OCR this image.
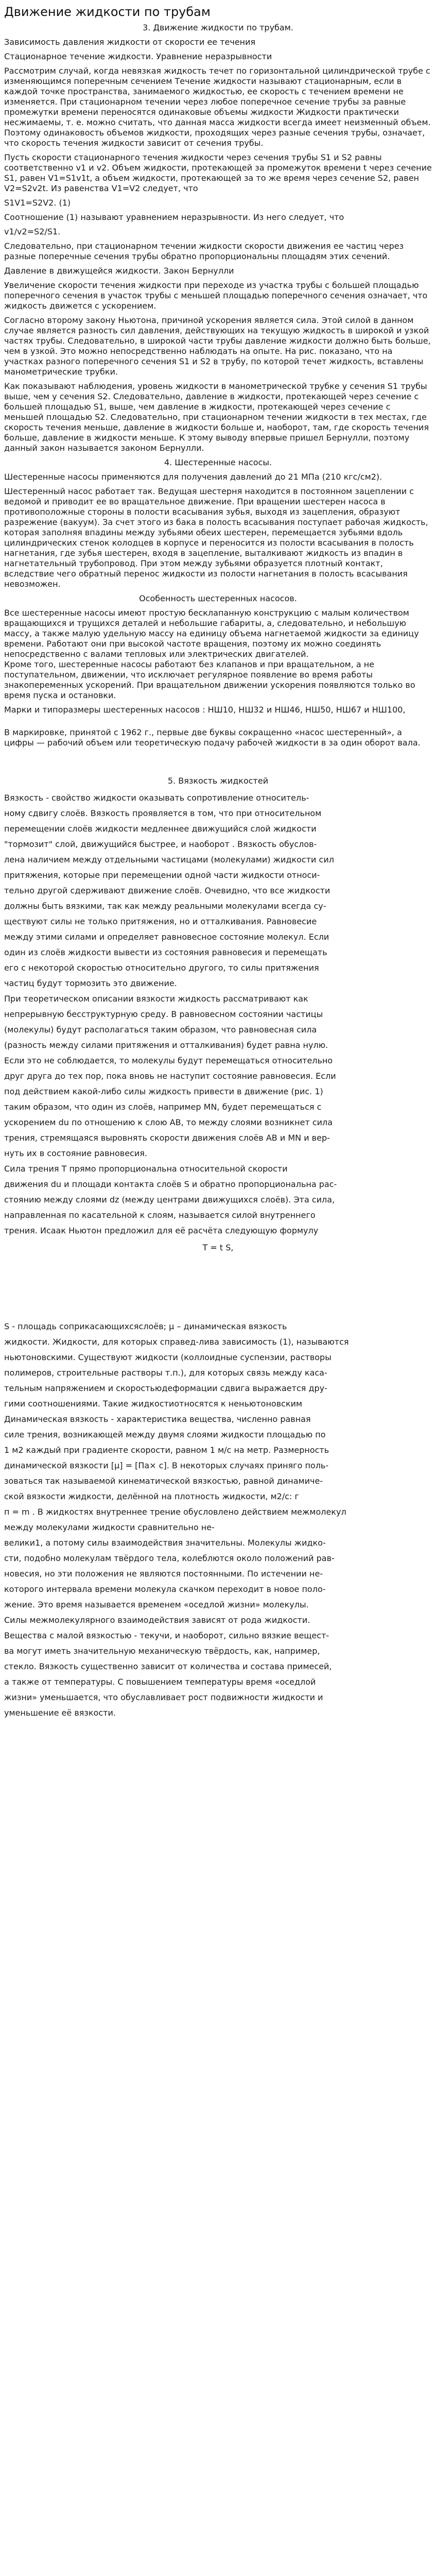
Движение жидкости по трубам

3. Движение жидкости по трубам.

Зависимость давления жидкости от скорости ее течения

Стационарное течение жидкости. Уравнение неразрывности

Рассмотрим случай, когда невязкая жидкость течет по горизонтальной цилиндрической трубе с изменяющимся поперечным сечением Течение жидкости называют стационарным, если в каждой точке пространства, занимаемого жидкостью, ее скорость с течением времени не изменяется. При стационарном течении через любое поперечное сечение трубы за равные промежутки времени переносятся одинаковые объемы жидкости Жидкости практически несжимаемы, т. е. можно считать, что данная масса жидкости всегда имеет неизменный объем. Поэтому одинаковость объемов жидкости, проходящих через разные сечения трубы, означает, что скорость течения жидкости зависит от сечения трубы.

Пусть скорости стационарного течения жидкости через сечения трубы S1 и S2 равны соответственно v1 и v2. Объем жидкости, протекающей за промежуток времени t через сечение S1, равен V1=S1v1t, а объем жидкости, протекающей за то же время через сечение S2, равен V2=S2v2t. Из равенства V1=V2 следует, что

S1V1=S2V2. (1)

Соотношение (1) называют уравнением неразрывности. Из него следует, что

v1/v2=S2/S1.

Следовательно, при стационарном течении жидкости скорости движения ее частиц через разные поперечные сечения трубы обратно пропорциональны площадям этих сечений.

Давление в движущейся жидкости. Закон Бернулли

Увеличение скорости течения жидкости при переходе из участка трубы с большей площадью поперечного сечения в участок трубы с меньшей площадью поперечного сечения означает, что жидкость движется с ускорением.

Согласно второму закону Ньютона, причиной ускорения является сила. Этой силой в данном случае является разность сил давления, действующих на текущую жидкость в широкой и узкой частях трубы. Следовательно, в широкой части трубы давление жидкости должно быть больше, чем в узкой. Это можно непосредственно наблюдать на опыте. На рис. показано, что на участках разного поперечного сечения S1 и S2 в трубу, по которой течет жидкость, вставлены манометрические трубки.

Как показывают наблюдения, уровень жидкости в манометрической трубке у сечения S1 трубы выше, чем у сечения S2. Следовательно, давление в жидкости, протекающей через сечение с большей площадью S1, выше, чем давление в жидкости, протекающей через сечение с меньшей площадью S2. Следовательно, при стационарном течении жидкости в тех местах, где скорость течения меньше, давление в жидкости больше и, наоборот, там, где скорость течения больше, давление в жидкости меньше. К этому выводу впервые пришел Бернулли, поэтому данный закон называется законом Бернулли.

4. Шестеренные насосы.

Шестеренные насосы применяются для получения давлений до 21 МПа (210 кгс/см2).

Шестеренный насос работает так. Ведущая шестерня находится в постоянном зацеплении с ведомой и приводит ее во вращательное движение. При вращении шестерен насоса в противоположные стороны в полости всасывания зубья, выходя из зацепления, образуют разрежение (вакуум). За счет этого из бака в полость всасывания поступает рабочая жидкость, которая заполняя впадины между зубьями обеих шестерен, перемещается зубьями вдоль цилиндрических стенок колодцев в корпусе и переносится из полости всасывания в полость нагнетания, где зубья шестерен, входя в зацепление, выталкивают жидкость из впадин в нагнетательный трубопровод. При этом между зубьями образуется плотный контакт, вследствие чего обратный перенос жидкости из полости нагнетания в полость всасывания невозможен.

Особенность шестеренных насосов.

Все шестеренные насосы имеют простую бесклапанную конструкцию с малым количеством вращающихся и трущихся деталей и небольшие габариты, а, следовательно, и небольшую массу, а также малую удельную массу на единицу объема нагнетаемой жидкости за единицу времени. Работают они при высокой частоте вращения, поэтому их можно соединять непосредственно с валами тепловых или электрических двигателей.
Кроме того, шестеренные насосы работают без клапанов и при вращательном, а не поступательном, движении, что исключает регулярное появление во время работы знакопеременных ускорений. При вращательном движении ускорения появляются только во время пуска и остановки.

Марки и типоразмеры шестеренных насосов : НШ10, НШ32 и НШ46, НШ50, НШ67 и НШ100,

В маркировке, принятой с 1962 г., первые две буквы сокращенно «насос шестеренный», а цифры — рабочий объем или теоретическую подачу рабочей жидкости в за один оборот вала.

5. Вязкость жидкостей

Вязкость - свойство жидкости оказывать сопротивление относитель-
ному сдвигу слоёв. Вязкость проявляется в том, что при относительном
перемещении слоёв жидкости медленнее движущийся слой жидкости
"тормозит" слой, движущийся быстрее, и наоборот . Вязкость обуслов-
лена наличием между отдельными частицами (молекулами) жидкости сил
притяжения, которые при перемещении одной части жидкости относи-
тельно другой сдерживают движение слоёв. Очевидно, что все жидкости
должны быть вязкими, так как между реальными молекулами всегда су-
ществуют силы не только притяжения, но и отталкивания. Равновесие
между этими силами и определяет равновесное состояние молекул. Если
один из слоёв жидкости вывести из состояния равновесия и перемещать
его с некоторой скоростью относительно другого, то силы притяжения
частиц будут тормозить это движение.
При теоретическом описании вязкости жидкость рассматривают как
непрерывную бесструктурную среду. В равновесном состоянии частицы
(молекулы) будут располагаться таким образом, что равновесная сила
(разность между силами притяжения и отталкивания) будет равна нулю.
Если это не соблюдается, то молекулы будут перемещаться относительно
друг друга до тех пор, пока вновь не наступит состояние равновесия. Если
под действием какой-либо силы жидкость привести в движение (рис. 1)
таким образом, что один из слоёв, например MN, будет перемещаться с
ускорением du по отношению к слою AB, то между слоями возникнет сила
трения, стремящаяся выровнять скорости движения слоёв AB и MN и вер-
нуть их в состояние равновесия.
Сила трения T прямо пропорциональна относительной скорости
движения du и площади контакта слоёв S и обратно пропорциональна рас-
стоянию между слоями dz (между центрами движущихся слоёв). Эта сила,
направленная по касательной к слоям, называется силой внутреннего
трения. Исаак Ньютон предложил для её расчёта следующую формулу

T = t S,

S - площадь соприкасающихсяслоёв; μ – динамическая вязкость
жидкости. Жидкости, для которых справед-лива зависимость (1), называются
ньютоновскими. Существуют жидкости (коллоидные суспензии, растворы
полимеров, строительные растворы т.п.), для которых связь между каса-
тельным напряжением и скоростьюдеформации сдвига выражается дру-
гими соотношениями. Такие жидкостиотносятся к неньютоновским
Динамическая вязкость - характеристика вещества, численно равная
силе трения, возникающей между двумя слоями жидкости площадью по
1 м2 каждый при градиенте скорости, равном 1 м/с на метр. Размерность
динамической вязкости [μ] = [Па× с]. В некоторых случаях приняго поль-
зоваться так называемой кинематической вязкостью, равной динамиче-
ской вязкости жидкости, делённой на плотность жидкости, м2/с: г
п = m . В жидкостях внутреннее трение обусловлено действием межмолекул
между молекулами жидкости сравнительно не-
велики1, а потому силы взаимодействия значительны. Молекулы жидко-
сти, подобно молекулам твёрдого тела, колеблются около положений рав-
новесия, но эти положения не являются постоянными. По истечении не-
которого интервала времени молекула скачком переходит в новое поло-
жение. Это время называется временем «оседлой жизни» молекулы.
Силы межмолекулярного взаимодействия зависят от рода жидкости.
Вещества с малой вязкостью - текучи, и наоборот, сильно вязкие вещест-
ва могут иметь значительную механическую твёрдость, как, например,
стекло. Вязкость существенно зависит от количества и состава примесей,
а также от температуры. С повышением температуры время «оседлой
жизни» уменьшается, что обуславливает рост подвижности жидкости и
уменьшение её вязкости.
